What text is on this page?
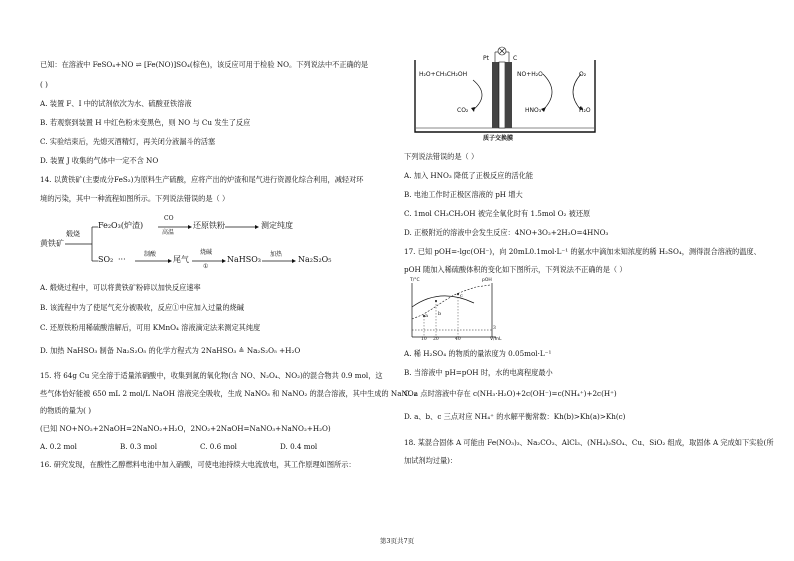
已知：在溶液中 FeSO₄+NO ⇌ [Fe(NO)]SO₄(棕色)，该反应可用于检验 NO。下列说法中不正确的是
( )
A. 装置 F、I 中的试剂依次为水、硫酸亚铁溶液
B. 若观察到装置 H 中红色粉末变黑色，则 NO 与 Cu 发生了反应
C. 实验结束后，先熄灭酒精灯，再关闭分液漏斗的活塞
D. 装置 J 收集的气体中一定不含 NO
14. 以黄铁矿(主要成分FeS₂)为原料生产硫酸，应将产出的炉渣和尾气进行资源化综合利用，减轻对环
境的污染，其中一种流程如图所示。下列说法错误的是（ ）
黄铁矿
煅烧
Fe₂O₃(炉渣)
CO
高温
还原铁粉	测定纯度
SO₂ ···
制酸
尾气
烧碱
①
NaHSO₃
加热
Na₂S₂O₅
A. 煅烧过程中，可以将黄铁矿粉碎以加快反应速率
B. 该流程中为了使尾气充分被吸收，反应①中应加入过量的烧碱
C. 还原铁粉用稀硫酸溶解后，可用 KMnO₄ 溶液滴定法来测定其纯度
D. 加热 NaHSO₃ 制备 Na₂S₂O₅ 的化学方程式为 2NaHSO₃ ≜ Na₂S₂O₅ +H₂O
15. 将 64g Cu 完全溶于适量浓硝酸中，收集到氮的氧化物(含 NO、N₂O₄、NO₂)的混合物共 0.9 mol，这
些气体恰好能被 650 mL 2 mol/L NaOH 溶液完全吸收，生成 NaNO₃ 和 NaNO₂ 的混合溶液，其中生成的 NaNO₃
的物质的量为( )
(已知 NO+NO₂+2NaOH=2NaNO₂+H₂O，2NO₂+2NaOH=NaNO₃+NaNO₂+H₂O)
A. 0.2 mol	B. 0.3 mol	C. 0.6 mol	D. 0.4 mol
16. 研究发现，在酸性乙醇燃料电池中加入硝酸，可使电池持续大电流放电，其工作原理如图所示：
H₂O+CH₃CH₂OH
CO₂
Pt	C
NO+H₂O
HNO₃
O₂
H₂O
质子交换膜
下列说法错误的是（ ）
A. 加入 HNO₃ 降低了正极反应的活化能
B. 电池工作时正极区溶液的 pH 增大
C. 1mol CH₃CH₂OH 被完全氧化时有 1.5mol O₂ 被还原
D. 正极附近的溶液中会发生反应：4NO+3O₂+2H₂O=4HNO₃
17. 已知 pOH=-lgc(OH⁻)，向 20mL0.1mol·L⁻¹ 的氨水中滴加未知浓度的稀 H₂SO₄，测得混合溶液的温度、
pOH 随加入稀硫酸体积的变化如下图所示，下列说法不正确的是（ ）
T/°C	pOH
V/mL
10 20	40
a b
c
3
A. 稀 H₂SO₄ 的物质的量浓度为 0.05mol·L⁻¹
B. 当溶液中 pH=pOH 时，水的电离程度最小
C. a 点时溶液中存在 c(NH₃·H₂O)+2c(OH⁻)=c(NH₄⁺)+2c(H⁺)
D. a、b、c 三点对应 NH₄⁺ 的水解平衡常数：Kh(b)>Kh(a)>Kh(c)
18. 某混合固体 A 可能由 Fe(NO₃)₃、Na₂CO₃、AlCl₃、(NH₄)₂SO₄、Cu、SiO₂ 组成，取固体 A 完成如下实验(所
加试剂均过量)：
第3页共7页
